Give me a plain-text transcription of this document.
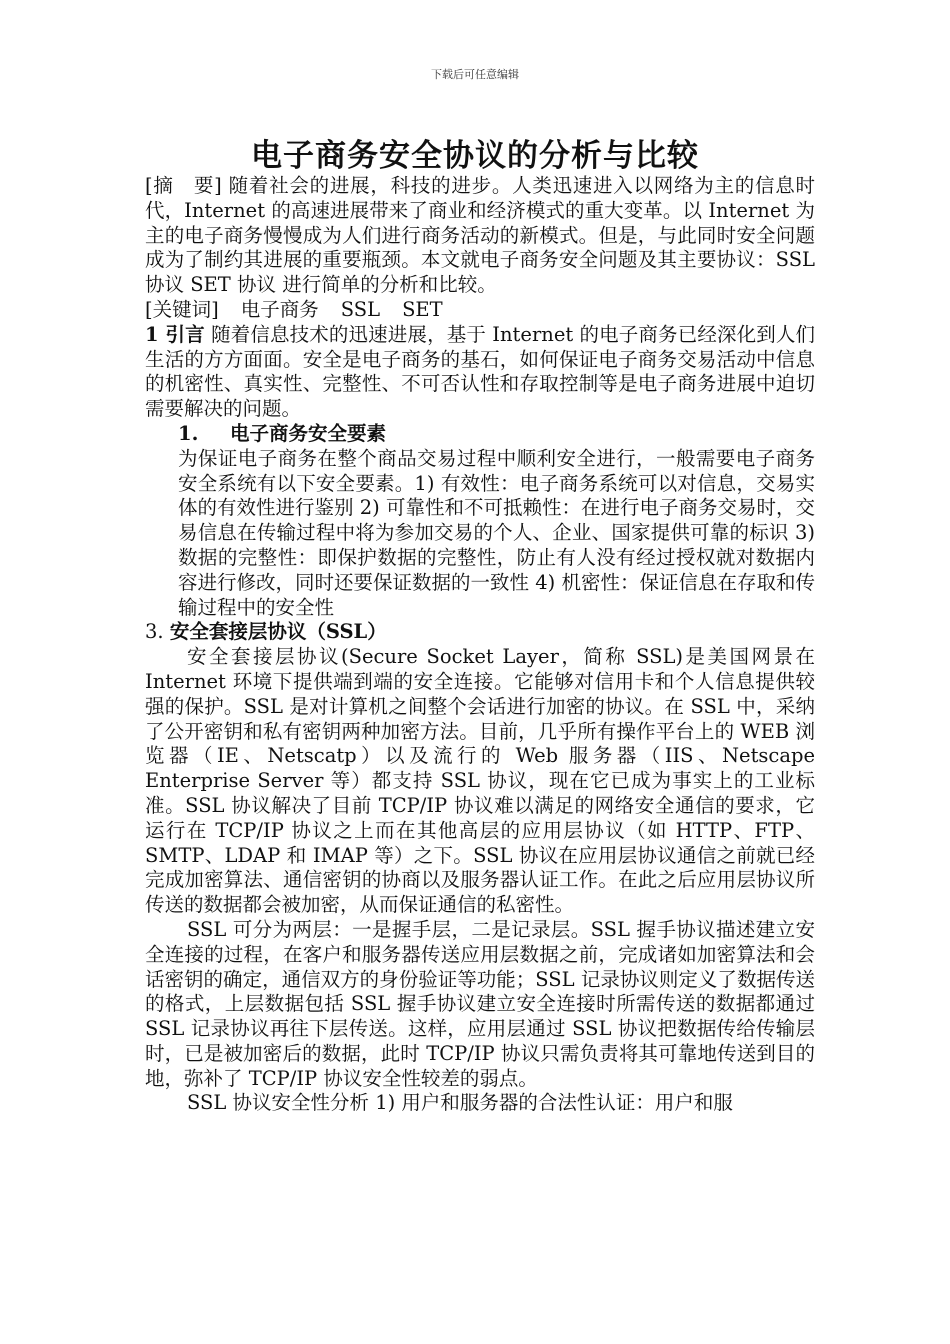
下载后可任意编辑
电子商务安全协议的分析与比较

[摘　要] 随着社会的进展，科技的进步。人类迅速进入以网络为主的信息时代，Internet 的高速进展带来了商业和经济模式的重大变革。以 Internet 为主的电子商务慢慢成为人们进行商务活动的新模式。但是，与此同时安全问题成为了制约其进展的重要瓶颈。本文就电子商务安全问题及其主要协议：SSL 协议 SET 协议 进行简单的分析和比较。

[关键词] 电子商务 SSL SET

1 引言 随着信息技术的迅速进展，基于 Internet 的电子商务已经深化到人们生活的方方面面。安全是电子商务的基石，如何保证电子商务交易活动中信息的机密性、真实性、完整性、不可否认性和存取控制等是电子商务进展中迫切需要解决的问题。

1. 电子商务安全要素

为保证电子商务在整个商品交易过程中顺利安全进行，一般需要电子商务安全系统有以下安全要素。1) 有效性：电子商务系统可以对信息，交易实体的有效性进行鉴别 2) 可靠性和不可抵赖性：在进行电子商务交易时，交易信息在传输过程中将为参加交易的个人、企业、国家提供可靠的标识 3) 数据的完整性：即保护数据的完整性，防止有人没有经过授权就对数据内容进行修改，同时还要保证数据的一致性 4) 机密性：保证信息在存取和传输过程中的安全性

3. 安全套接层协议（SSL）

安全套接层协议(Secure Socket Layer，简称 SSL)是美国网景在 Internet 环境下提供端到端的安全连接。它能够对信用卡和个人信息提供较强的保护。SSL 是对计算机之间整个会话进行加密的协议。在 SSL 中，采纳了公开密钥和私有密钥两种加密方法。目前，几乎所有操作平台上的 WEB 浏览器（IE、Netscatp）以及流行的 Web 服务器（IIS、Netscape Enterprise Server 等）都支持 SSL 协议，现在它已成为事实上的工业标准。SSL 协议解决了目前 TCP/IP 协议难以满足的网络安全通信的要求，它运行在 TCP/IP 协议之上而在其他高层的应用层协议（如 HTTP、FTP、SMTP、LDAP 和 IMAP 等）之下。SSL 协议在应用层协议通信之前就已经完成加密算法、通信密钥的协商以及服务器认证工作。在此之后应用层协议所传送的数据都会被加密，从而保证通信的私密性。

SSL 可分为两层：一是握手层，二是记录层。SSL 握手协议描述建立安全连接的过程，在客户和服务器传送应用层数据之前，完成诸如加密算法和会话密钥的确定，通信双方的身份验证等功能；SSL 记录协议则定义了数据传送的格式，上层数据包括 SSL 握手协议建立安全连接时所需传送的数据都通过 SSL 记录协议再往下层传送。这样，应用层通过 SSL 协议把数据传给传输层时，已是被加密后的数据，此时 TCP/IP 协议只需负责将其可靠地传送到目的地，弥补了 TCP/IP 协议安全性较差的弱点。

SSL 协议安全性分析 1) 用户和服务器的合法性认证：用户和服
